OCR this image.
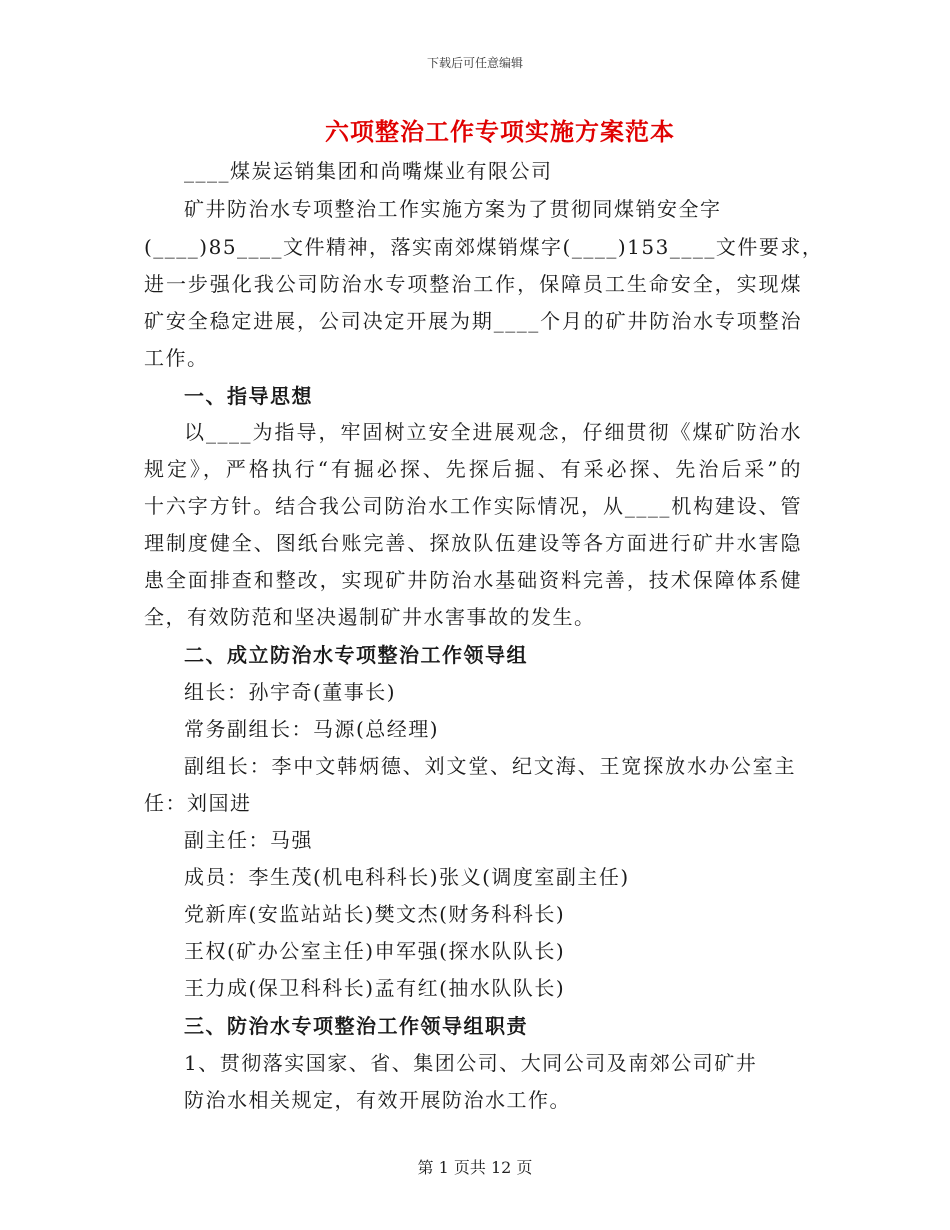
下载后可任意编辑
六项整治工作专项实施方案范本
____煤炭运销集团和尚嘴煤业有限公司
矿井防治水专项整治工作实施方案为了贯彻同煤销安全字
(____)85____文件精神，落实南郊煤销煤字(____)153____文件要求，
进一步强化我公司防治水专项整治工作，保障员工生命安全，实现煤
矿安全稳定进展，公司决定开展为期____个月的矿井防治水专项整治
工作。
一、指导思想
以____为指导，牢固树立安全进展观念，仔细贯彻《煤矿防治水
规定》，严格执行“有掘必探、先探后掘、有采必探、先治后采”的
十六字方针。结合我公司防治水工作实际情况，从____机构建设、管
理制度健全、图纸台账完善、探放队伍建设等各方面进行矿井水害隐
患全面排查和整改，实现矿井防治水基础资料完善，技术保障体系健
全，有效防范和坚决遏制矿井水害事故的发生。
二、成立防治水专项整治工作领导组
组长：孙宇奇(董事长)
常务副组长：马源(总经理)
副组长：李中文韩炳德、刘文堂、纪文海、王宽探放水办公室主
任：刘国进
副主任：马强
成员：李生茂(机电科科长)张义(调度室副主任)
党新库(安监站站长)樊文杰(财务科科长)
王权(矿办公室主任)申军强(探水队队长)
王力成(保卫科科长)孟有红(抽水队队长)
三、防治水专项整治工作领导组职责
1、贯彻落实国家、省、集团公司、大同公司及南郊公司矿井
防治水相关规定，有效开展防治水工作。
第 1 页共 12 页
